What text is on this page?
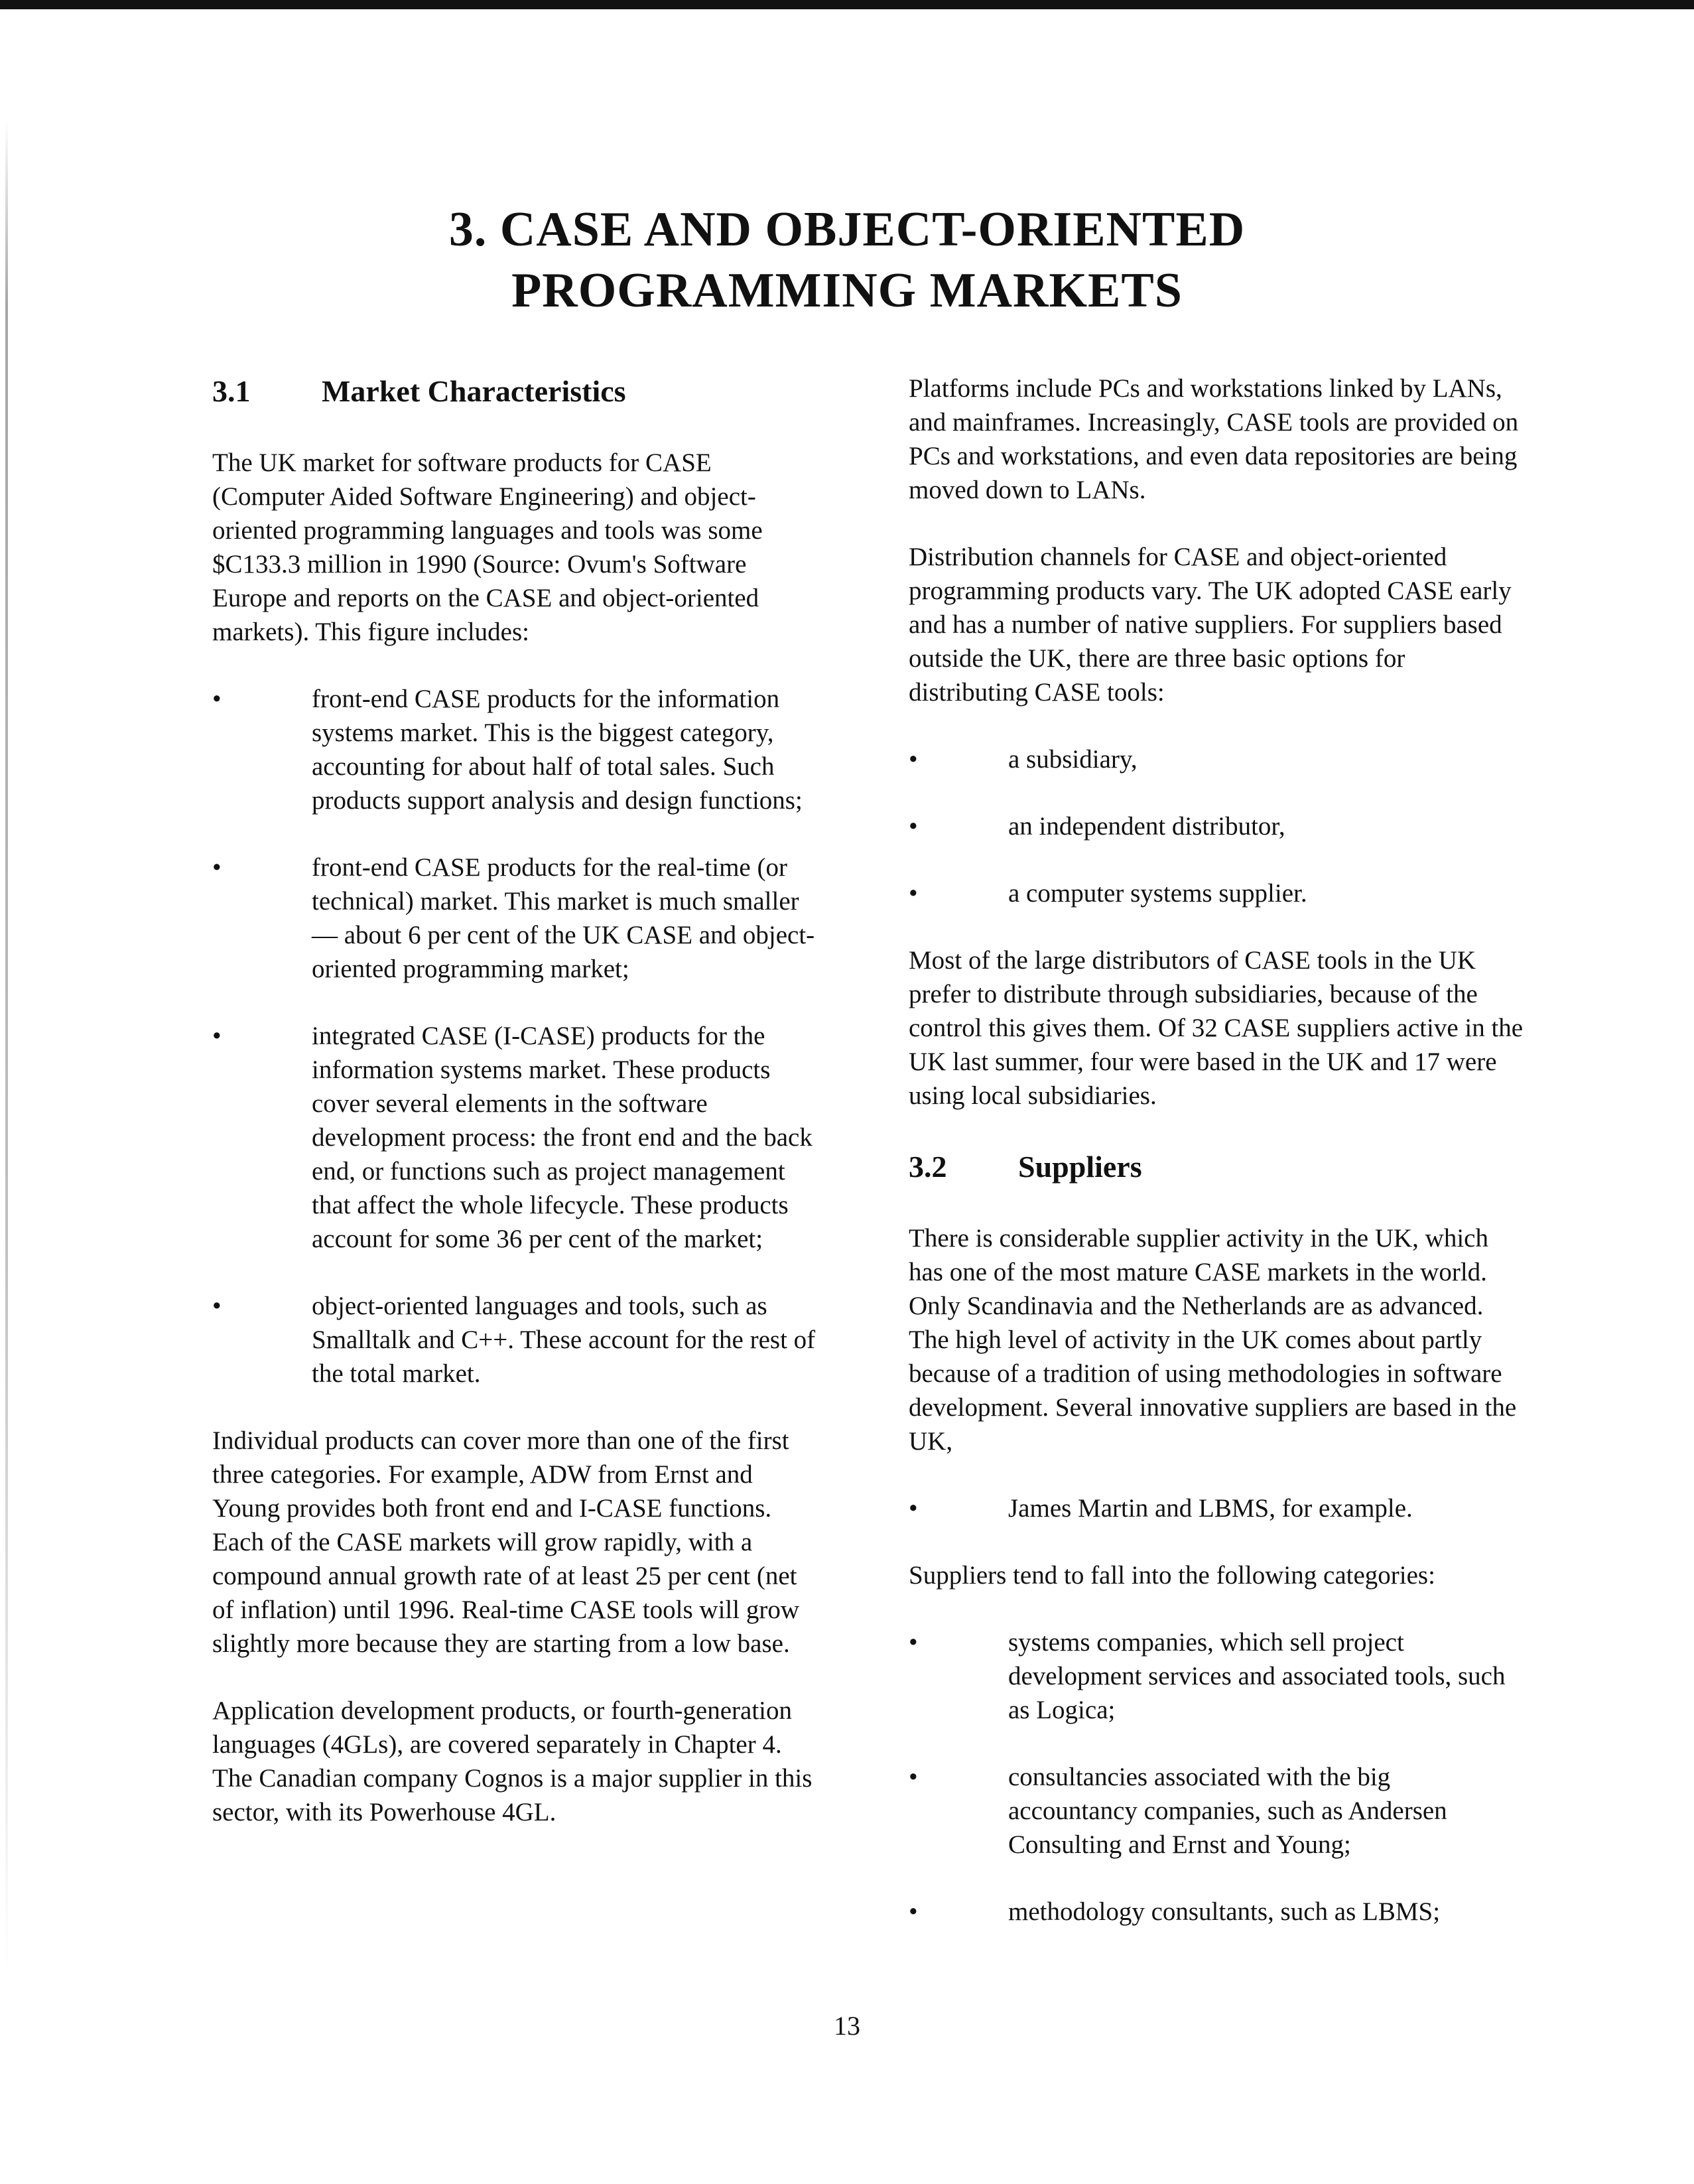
3. CASE AND OBJECT-ORIENTED
PROGRAMMING MARKETS
3.1	Market Characteristics

The UK market for software products for CASE (Computer Aided Software Engineering) and object-oriented programming languages and tools was some $C133.3 million in 1990 (Source: Ovum's Software Europe and reports on the CASE and object-oriented markets). This figure includes:

•	front-end CASE products for the information systems market. This is the biggest category, accounting for about half of total sales. Such products support analysis and design functions;
•	front-end CASE products for the real-time (or technical) market. This market is much smaller — about 6 per cent of the UK CASE and object-oriented programming market;
•	integrated CASE (I-CASE) products for the information systems market. These products cover several elements in the software development process: the front end and the back end, or functions such as project management that affect the whole lifecycle. These products account for some 36 per cent of the market;
•	object-oriented languages and tools, such as Smalltalk and C++. These account for the rest of the total market.

Individual products can cover more than one of the first three categories. For example, ADW from Ernst and Young provides both front end and I-CASE functions. Each of the CASE markets will grow rapidly, with a compound annual growth rate of at least 25 per cent (net of inflation) until 1996. Real-time CASE tools will grow slightly more because they are starting from a low base.

Application development products, or fourth-generation languages (4GLs), are covered separately in Chapter 4. The Canadian company Cognos is a major supplier in this sector, with its Powerhouse 4GL.

Platforms include PCs and workstations linked by LANs, and mainframes. Increasingly, CASE tools are provided on PCs and workstations, and even data repositories are being moved down to LANs.

Distribution channels for CASE and object-oriented programming products vary. The UK adopted CASE early and has a number of native suppliers. For suppliers based outside the UK, there are three basic options for distributing CASE tools:

•	a subsidiary,
•	an independent distributor,
•	a computer systems supplier.

Most of the large distributors of CASE tools in the UK prefer to distribute through subsidiaries, because of the control this gives them. Of 32 CASE suppliers active in the UK last summer, four were based in the UK and 17 were using local subsidiaries.

3.2	Suppliers

There is considerable supplier activity in the UK, which has one of the most mature CASE markets in the world. Only Scandinavia and the Netherlands are as advanced. The high level of activity in the UK comes about partly because of a tradition of using methodologies in software development. Several innovative suppliers are based in the UK,

•	James Martin and LBMS, for example.

Suppliers tend to fall into the following categories:

•	systems companies, which sell project development services and associated tools, such as Logica;
•	consultancies associated with the big accountancy companies, such as Andersen Consulting and Ernst and Young;
•	methodology consultants, such as LBMS;
13
